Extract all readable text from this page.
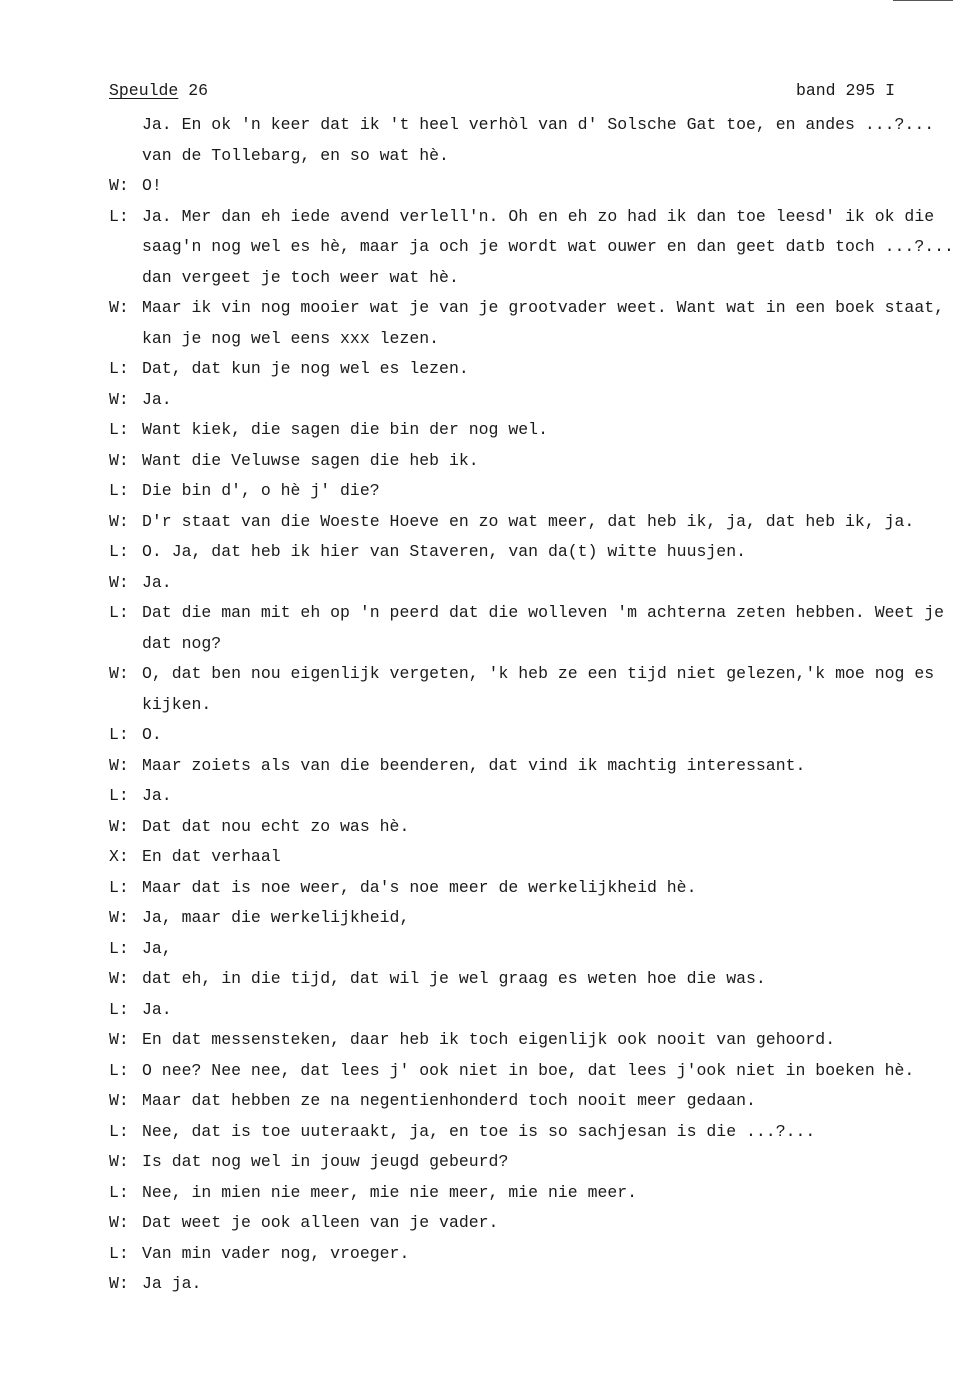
Speulde 26	band 295 I
Ja. En ok 'n keer dat ik 't heel verhòl van d' Solsche Gat toe, en andes ...?... van de Tollebarg, en so wat hè.
W: O!
L: Ja. Mer dan eh iede avend verlell'n. Oh en eh zo had ik dan toe leesd' ik ok die saag'n nog wel es hè, maar ja och je wordt wat ouwer en dan geet datb toch ...?... dan vergeet je toch weer wat hè.
W: Maar ik vin nog mooier wat je van je grootvader weet. Want wat in een boek staat, kan je nog wel eens xxx lezen.
L: Dat, dat kun je nog wel es lezen.
W: Ja.
L: Want kiek, die sagen die bin der nog wel.
W: Want die Veluwse sagen die heb ik.
L: Die bin d', o hè j' die?
W: D'r staat van die Woeste Hoeve en zo wat meer, dat heb ik, ja, dat heb ik, ja.
L: O. Ja, dat heb ik hier van Staveren, van da(t) witte huusjen.
W: Ja.
L: Dat die man mit eh op 'n peerd dat die wolleven 'm achterna zeten hebben. Weet je dat nog?
W: O, dat ben nou eigenlijk vergeten, 'k heb ze een tijd niet gelezen,'k moe nog es kijken.
L: O.
W: Maar zoiets als van die beenderen, dat vind ik machtig interessant.
L: Ja.
W: Dat dat nou echt zo was hè.
X: En dat verhaal
L: Maar dat is noe weer, da's noe meer de werkelijkheid hè.
W: Ja, maar die werkelijkheid,
L: Ja,
W: dat eh, in die tijd, dat wil je wel graag es weten hoe die was.
L: Ja.
W: En dat messensteken, daar heb ik toch eigenlijk ook nooit van gehoord.
L: O nee? Nee nee, dat lees j' ook niet in boe, dat lees j'ook niet in boeken hè.
W: Maar dat hebben ze na negentienhonderd toch nooit meer gedaan.
L: Nee, dat is toe uuteraakt, ja, en toe is so sachjesan is die ...?...
W: Is dat nog wel in jouw jeugd gebeurd?
L: Nee, in mien nie meer, mie nie meer, mie nie meer.
W: Dat weet je ook alleen van je vader.
L: Van min vader nog, vroeger.
W: Ja ja.
